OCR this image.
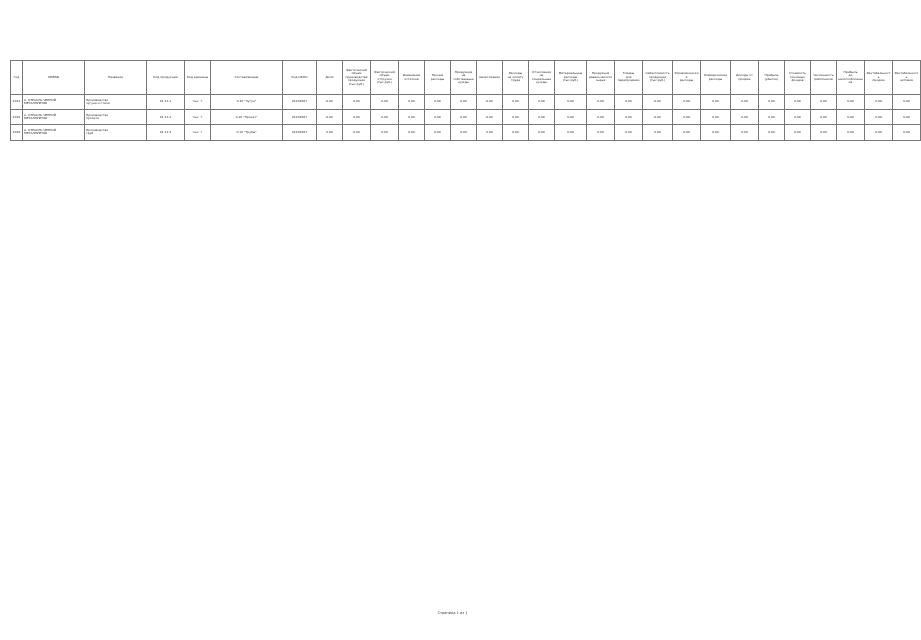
Год	ОКВЭД	Название	Код продукции	Код единицы	Составляющие	Код ОКПО	Доля	Фактический
объем
производства
продукции
(тыс.руб.)	Фактический
объем
отгрузки
(тыс.руб.)	Изменение
остатков	Прочие
расходы	Продукция
на
собственные
нужды	Амортизация	Расходы
на оплату
труда	Отчисления
на социальные
нужды	Материальные
расходы
(тыс.руб.)	Продукция
давальческого
сырья	Товары
для
перепродажи	Себестоимость
продукции
(тыс.руб.)	Управленческие
расходы	Коммерческие
расходы	Доходы от
продаж	Прибыль
(убыток)	Стоимость
основных
фондов	Численность
работников	Прибыль
до налогообложения	Рентабельность
продаж	Рентабельность
активов
2014	А. ОТРАСЛЬ ЧЕРНОЙ
МЕТАЛЛУРГИИ	Производство
чугуна и стали	01.11.1	тыс. т	0.10 "Чугун"	01234567	0.00	0.00	0.00	0.00	0.00	0.00	0.00	0.00	0.00	0.00	0.00	0.00	0.00	0.00	0.00	0.00	0.00	0.00	0.00	0.00	0.00	0.00
2015	А. ОТРАСЛЬ ЧЕРНОЙ
МЕТАЛЛУРГИИ	Производство
проката	01.11.2	тыс. т	0.10 "Прокат"	01234567	0.00	0.00	0.00	0.00	0.00	0.00	0.00	0.00	0.00	0.00	0.00	0.00	0.00	0.00	0.00	0.00	0.00	0.00	0.00	0.00	0.00	0.00
2016	А. ОТРАСЛЬ ЧЕРНОЙ
МЕТАЛЛУРГИИ	Производство
труб	01.11.3	тыс. т	0.10 "Трубы"	01234567	0.00	0.00	0.00	0.00	0.00	0.00	0.00	0.00	0.00	0.00	0.00	0.00	0.00	0.00	0.00	0.00	0.00	0.00	0.00	0.00	0.00	0.00
Страница 1 из 1
